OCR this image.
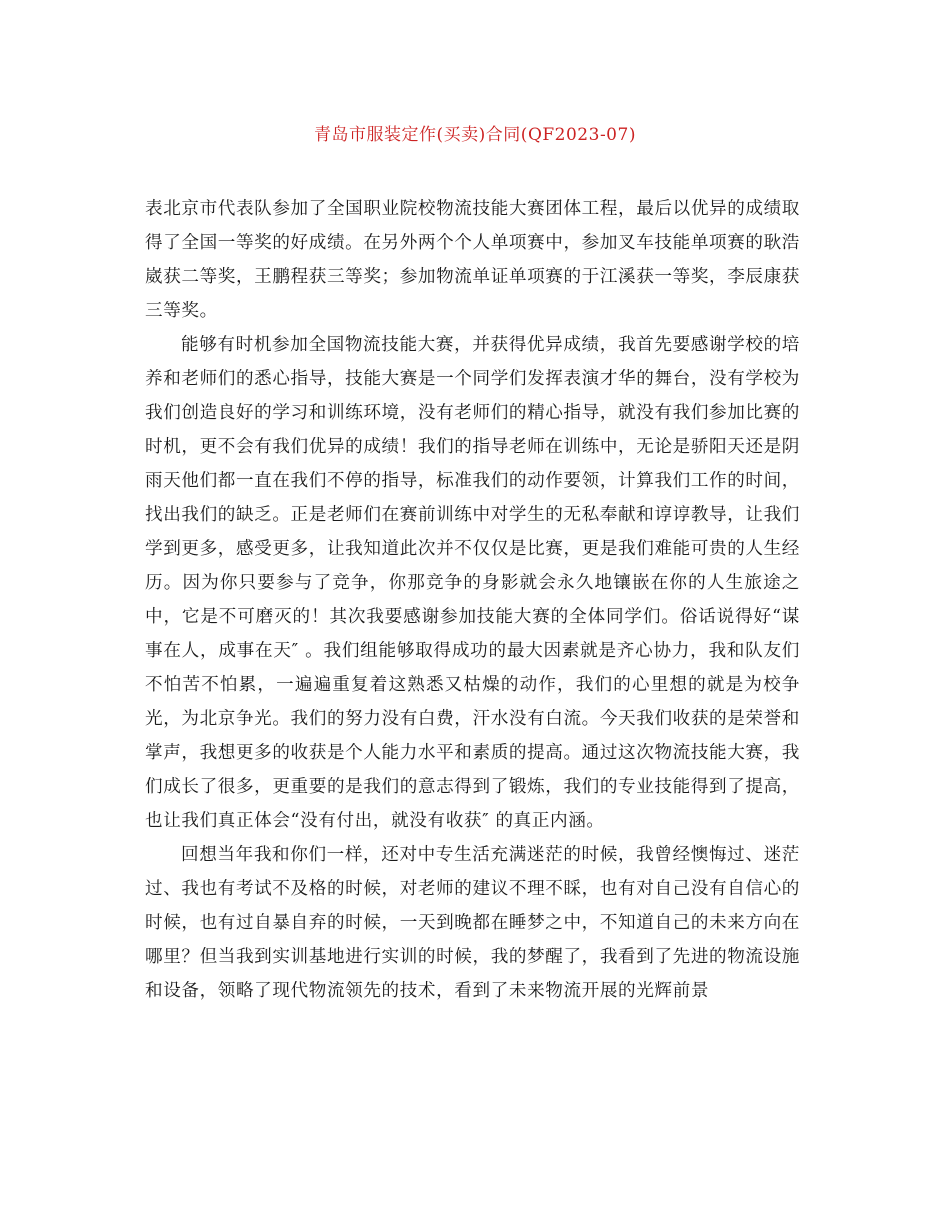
青岛市服装定作(买卖)合同(QF2023-07)

表北京市代表队参加了全国职业院校物流技能大赛团体工程，最后以优异的成绩取得了全国一等奖的好成绩。在另外两个个人单项赛中，参加叉车技能单项赛的耿浩崴获二等奖，王鹏程获三等奖；参加物流单证单项赛的于江溪获一等奖，李辰康获三等奖。

能够有时机参加全国物流技能大赛，并获得优异成绩，我首先要感谢学校的培养和老师们的悉心指导，技能大赛是一个同学们发挥表演才华的舞台，没有学校为我们创造良好的学习和训练环境，没有老师们的精心指导，就没有我们参加比赛的时机，更不会有我们优异的成绩！我们的指导老师在训练中，无论是骄阳天还是阴雨天他们都一直在我们不停的指导，标准我们的动作要领，计算我们工作的时间，找出我们的缺乏。正是老师们在赛前训练中对学生的无私奉献和谆谆教导，让我们学到更多，感受更多，让我知道此次并不仅仅是比赛，更是我们难能可贵的人生经历。因为你只要参与了竞争，你那竞争的身影就会永久地镶嵌在你的人生旅途之中，它是不可磨灭的！其次我要感谢参加技能大赛的全体同学们。俗话说得好“谋事在人，成事在天″ 。我们组能够取得成功的最大因素就是齐心协力，我和队友们不怕苦不怕累，一遍遍重复着这熟悉又枯燥的动作，我们的心里想的就是为校争光，为北京争光。我们的努力没有白费，汗水没有白流。今天我们收获的是荣誉和掌声，我想更多的收获是个人能力水平和素质的提高。通过这次物流技能大赛，我们成长了很多，更重要的是我们的意志得到了锻炼，我们的专业技能得到了提高，也让我们真正体会“没有付出，就没有收获″ 的真正内涵。

回想当年我和你们一样，还对中专生活充满迷茫的时候，我曾经懊悔过、迷茫过、我也有考试不及格的时候，对老师的建议不理不睬，也有对自己没有自信心的时候，也有过自暴自弃的时候，一天到晚都在睡梦之中，不知道自己的未来方向在哪里？但当我到实训基地进行实训的时候，我的梦醒了，我看到了先进的物流设施和设备，领略了现代物流领先的技术，看到了未来物流开展的光辉前景
